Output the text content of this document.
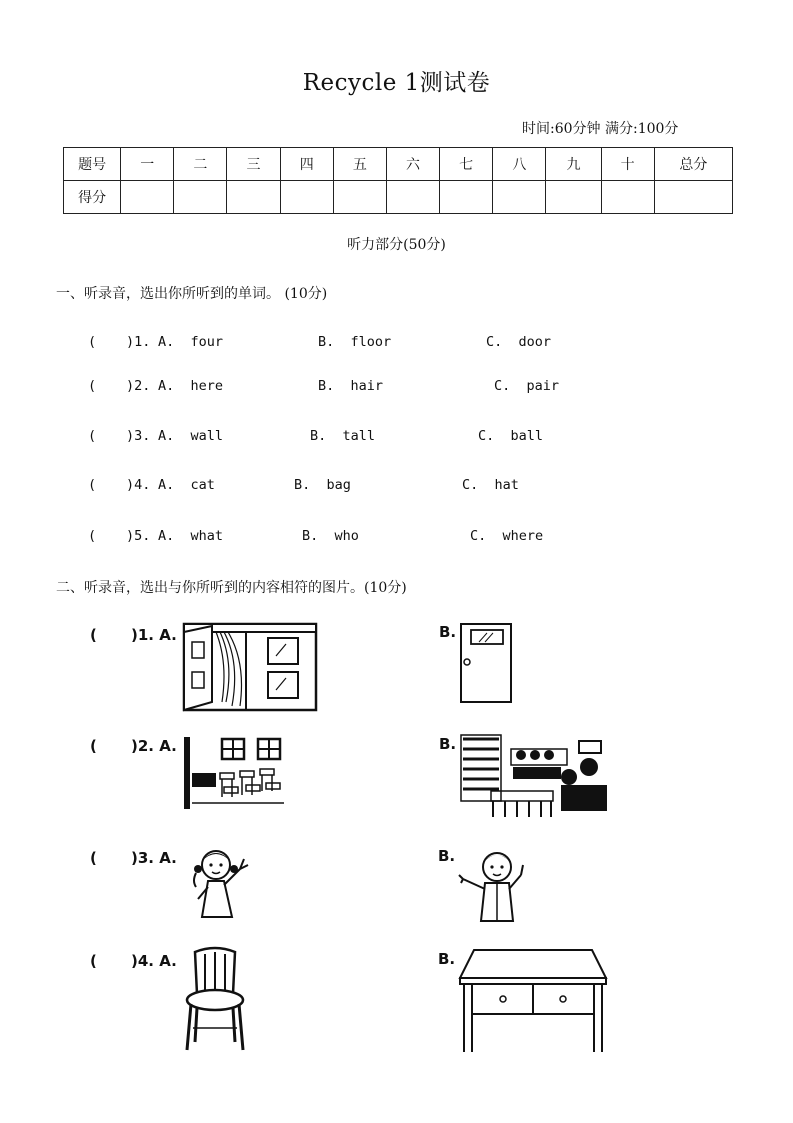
Recycle 1测试卷
时间:60分钟 满分:100分
题号	一	二	三	四	五	六	七	八	九	十	总分
得分											
听力部分(50分)
一、听录音，选出你所听到的单词。 (10分)
( )1. A.  four	B.  floor	C.  door
( )2. A.  here	B.  hair	C.  pair
( )3. A.  wall	B.  tall	C.  ball
( )4. A.  cat	B.  bag	C.  hat
( )5. A.  what	B.  who	C.  where
二、听录音，选出与你所听到的内容相符的图片。(10分)
( )1. A.	B.
( )2. A.	B.
( )3. A.	B.
( )4. A.	B.
